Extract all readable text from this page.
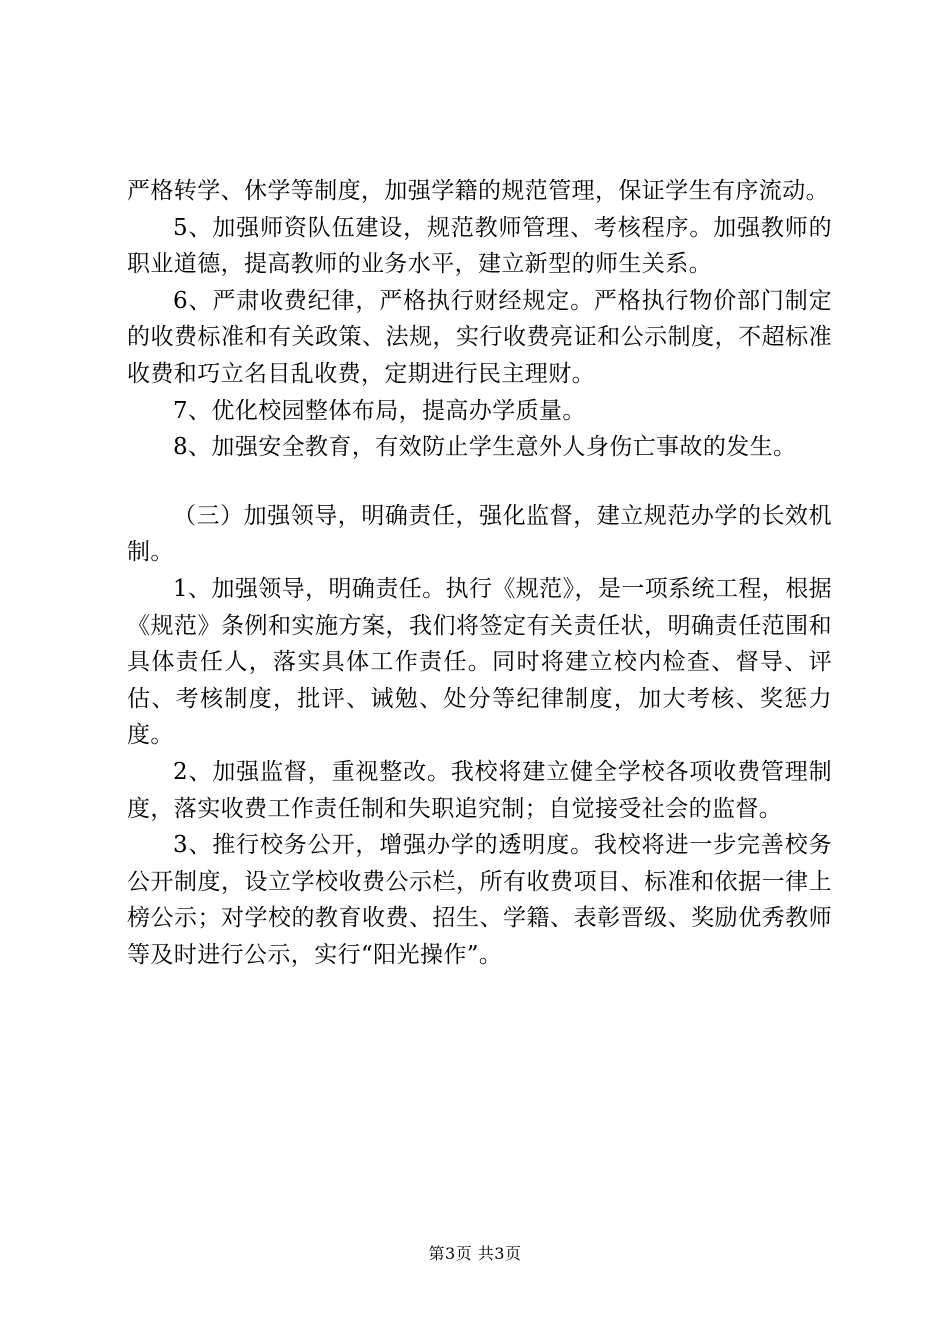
严格转学、休学等制度，加强学籍的规范管理，保证学生有序流动。

5、加强师资队伍建设，规范教师管理、考核程序。加强教师的职业道德，提高教师的业务水平，建立新型的师生关系。

6、严肃收费纪律，严格执行财经规定。严格执行物价部门制定的收费标准和有关政策、法规，实行收费亮证和公示制度，不超标准收费和巧立名目乱收费，定期进行民主理财。

7、优化校园整体布局，提高办学质量。

8、加强安全教育，有效防止学生意外人身伤亡事故的发生。

（三）加强领导，明确责任，强化监督，建立规范办学的长效机制。

1、加强领导，明确责任。执行《规范》，是一项系统工程，根据《规范》条例和实施方案，我们将签定有关责任状，明确责任范围和具体责任人，落实具体工作责任。同时将建立校内检查、督导、评估、考核制度，批评、诫勉、处分等纪律制度，加大考核、奖惩力度。

2、加强监督，重视整改。我校将建立健全学校各项收费管理制度，落实收费工作责任制和失职追究制；自觉接受社会的监督。

3、推行校务公开，增强办学的透明度。我校将进一步完善校务公开制度，设立学校收费公示栏，所有收费项目、标准和依据一律上榜公示；对学校的教育收费、招生、学籍、表彰晋级、奖励优秀教师等及时进行公示，实行“阳光操作”。

第3页 共3页
